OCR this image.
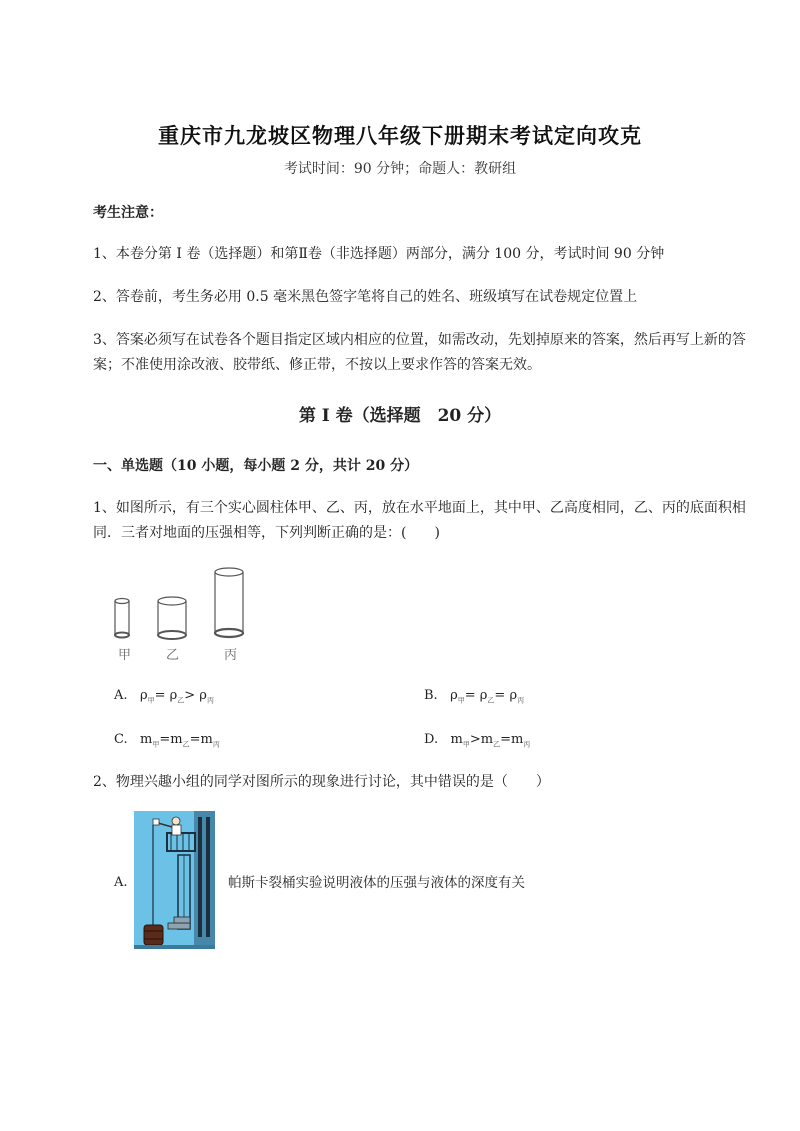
重庆市九龙坡区物理八年级下册期末考试定向攻克
考试时间：90 分钟；命题人：教研组
考生注意：
1、本卷分第 I 卷（选择题）和第Ⅱ卷（非选择题）两部分，满分 100 分，考试时间 90 分钟
2、答卷前，考生务必用 0.5 毫米黑色签字笔将自己的姓名、班级填写在试卷规定位置上
3、答案必须写在试卷各个题目指定区域内相应的位置，如需改动，先划掉原来的答案，然后再写上新的答案；不准使用涂改液、胶带纸、修正带，不按以上要求作答的答案无效。
第 I 卷（选择题　20 分）
一、单选题（10 小题，每小题 2 分，共计 20 分）
1、如图所示，有三个实心圆柱体甲、乙、丙，放在水平地面上，其中甲、乙高度相同，乙、丙的底面积相同．三者对地面的压强相等，下列判断正确的是：(　　)
甲	乙	丙
A. $\rho_甲= \rho_乙> \rho_丙$	B. $\rho_甲= \rho_乙= \rho_丙$
C. $m_甲=m_乙=m_丙$	D. $m_甲>m_乙=m_丙$
2、物理兴趣小组的同学对图所示的现象进行讨论，其中错误的是（　　）
A.	帕斯卡裂桶实验说明液体的压强与液体的深度有关
